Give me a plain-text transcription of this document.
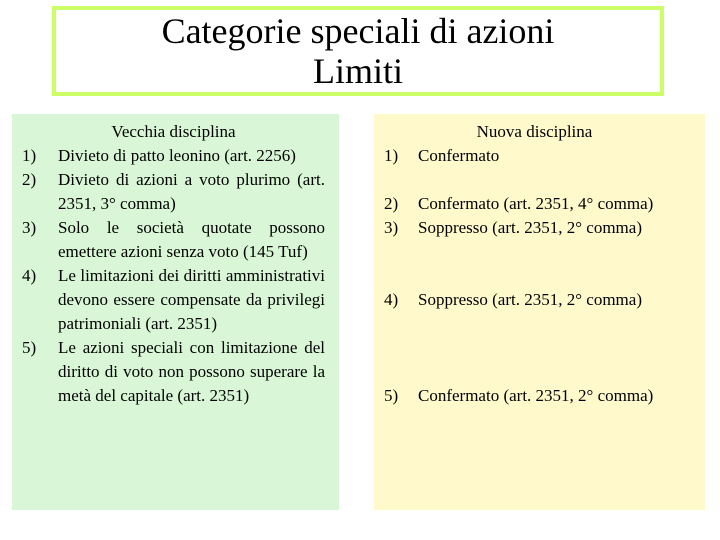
Categorie speciali di azioni
Limiti
Vecchia disciplina
1)	Divieto di patto leonino (art. 2256)
2)	Divieto di azioni a voto plurimo (art. 2351, 3° comma)
3)	Solo le società quotate possono emettere azioni senza voto (145 Tuf)
4)	Le limitazioni dei diritti amministrativi devono essere compensate da privilegi patrimoniali (art. 2351)
5)	Le azioni speciali con limitazione del diritto di voto non possono superare la metà del capitale (art. 2351)
Nuova disciplina
1)	Confermato
2)	Confermato (art. 2351, 4° comma)
3)	Soppresso (art. 2351, 2° comma)
4)	Soppresso (art. 2351, 2° comma)
5)	Confermato (art. 2351, 2° comma)
